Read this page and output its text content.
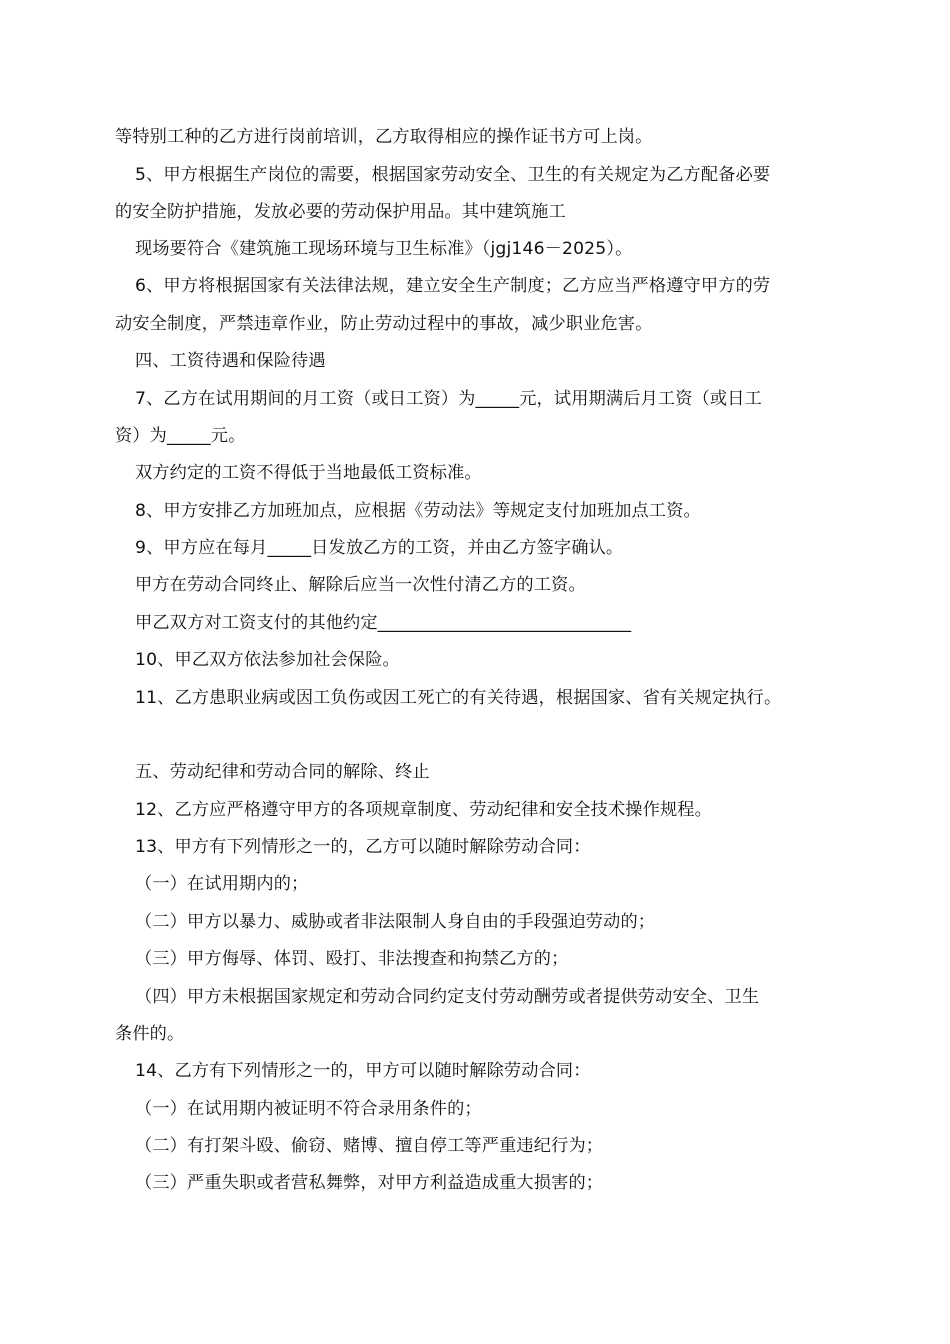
等特别工种的乙方进行岗前培训，乙方取得相应的操作证书方可上岗。
5、甲方根据生产岗位的需要，根据国家劳动安全、卫生的有关规定为乙方配备必要
的安全防护措施，发放必要的劳动保护用品。其中建筑施工
现场要符合《建筑施工现场环境与卫生标准》（jgj146－2025）。
6、甲方将根据国家有关法律法规，建立安全生产制度；乙方应当严格遵守甲方的劳
动安全制度，严禁违章作业，防止劳动过程中的事故，减少职业危害。
四、工资待遇和保险待遇
7、乙方在试用期间的月工资（或日工资）为_____元，试用期满后月工资（或日工
资）为_____元。
双方约定的工资不得低于当地最低工资标准。
8、甲方安排乙方加班加点，应根据《劳动法》等规定支付加班加点工资。
9、甲方应在每月_____日发放乙方的工资，并由乙方签字确认。
甲方在劳动合同终止、解除后应当一次性付清乙方的工资。
甲乙双方对工资支付的其他约定_____________________________
10、甲乙双方依法参加社会保险。
11、乙方患职业病或因工负伤或因工死亡的有关待遇，根据国家、省有关规定执行。
五、劳动纪律和劳动合同的解除、终止
12、乙方应严格遵守甲方的各项规章制度、劳动纪律和安全技术操作规程。
13、甲方有下列情形之一的，乙方可以随时解除劳动合同：
（一）在试用期内的；
（二）甲方以暴力、威胁或者非法限制人身自由的手段强迫劳动的；
（三）甲方侮辱、体罚、殴打、非法搜查和拘禁乙方的；
（四）甲方未根据国家规定和劳动合同约定支付劳动酬劳或者提供劳动安全、卫生
条件的。
14、乙方有下列情形之一的，甲方可以随时解除劳动合同：
（一）在试用期内被证明不符合录用条件的；
（二）有打架斗殴、偷窃、赌博、擅自停工等严重违纪行为；
（三）严重失职或者营私舞弊，对甲方利益造成重大损害的；
